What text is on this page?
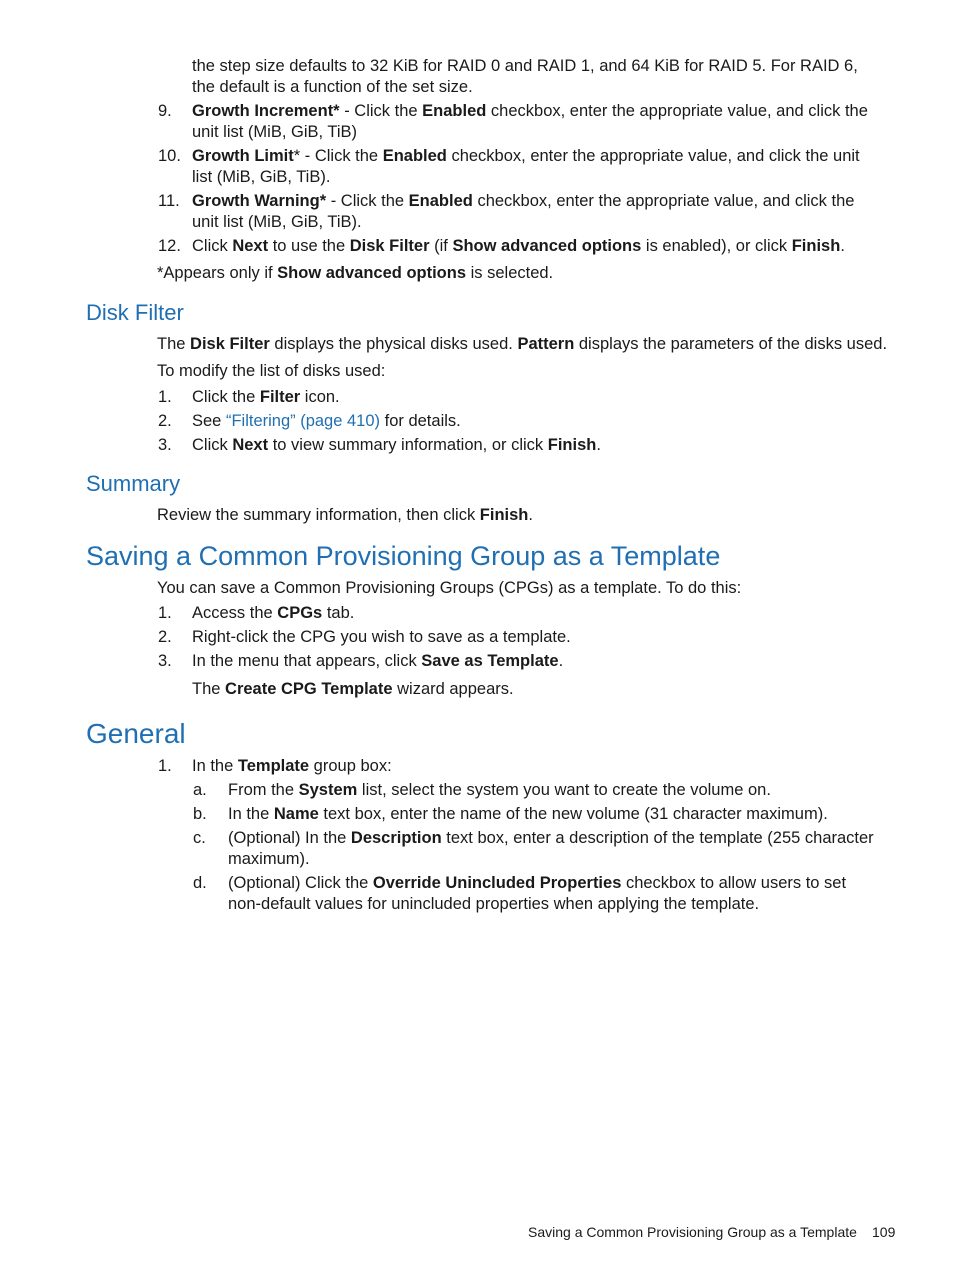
the step size defaults to 32 KiB for RAID 0 and RAID 1, and 64 KiB for RAID 5. For RAID 6,
the default is a function of the set size.
9. Growth Increment* - Click the Enabled checkbox, enter the appropriate value, and click the
unit list (MiB, GiB, TiB)
10. Growth Limit* - Click the Enabled checkbox, enter the appropriate value, and click the unit
list (MiB, GiB, TiB).
11. Growth Warning* - Click the Enabled checkbox, enter the appropriate value, and click the
unit list (MiB, GiB, TiB).
12. Click Next to use the Disk Filter (if Show advanced options is enabled), or click Finish.
*Appears only if Show advanced options is selected.
Disk Filter
The Disk Filter displays the physical disks used. Pattern displays the parameters of the disks used.
To modify the list of disks used:
1. Click the Filter icon.
2. See “Filtering” (page 410) for details.
3. Click Next to view summary information, or click Finish.
Summary
Review the summary information, then click Finish.
Saving a Common Provisioning Group as a Template
You can save a Common Provisioning Groups (CPGs) as a template. To do this:
1. Access the CPGs tab.
2. Right-click the CPG you wish to save as a template.
3. In the menu that appears, click Save as Template.
The Create CPG Template wizard appears.
General
1. In the Template group box:
a. From the System list, select the system you want to create the volume on.
b. In the Name text box, enter the name of the new volume (31 character maximum).
c. (Optional) In the Description text box, enter a description of the template (255 character
maximum).
d. (Optional) Click the Override Unincluded Properties checkbox to allow users to set
non-default values for unincluded properties when applying the template.
Saving a Common Provisioning Group as a Template 109
